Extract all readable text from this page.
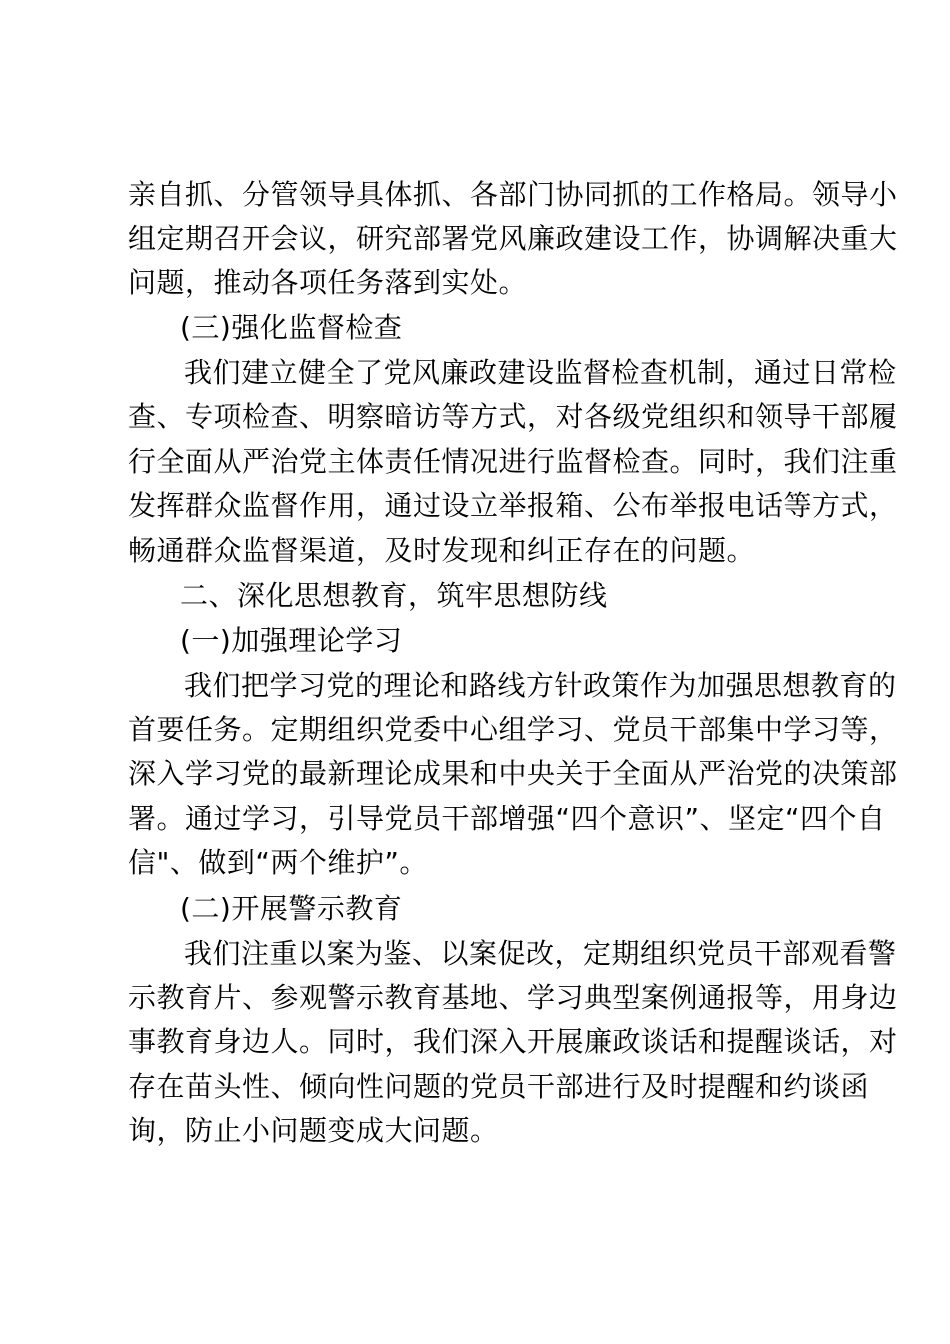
亲自抓、分管领导具体抓、各部门协同抓的工作格局。领导小
组定期召开会议，研究部署党风廉政建设工作，协调解决重大
问题，推动各项任务落到实处。
(三)强化监督检查
我们建立健全了党风廉政建设监督检查机制，通过日常检
查、专项检查、明察暗访等方式，对各级党组织和领导干部履
行全面从严治党主体责任情况进行监督检查。同时，我们注重
发挥群众监督作用，通过设立举报箱、公布举报电话等方式，
畅通群众监督渠道，及时发现和纠正存在的问题。
二、深化思想教育，筑牢思想防线
(一)加强理论学习
我们把学习党的理论和路线方针政策作为加强思想教育的
首要任务。定期组织党委中心组学习、党员干部集中学习等，
深入学习党的最新理论成果和中央关于全面从严治党的决策部
署。通过学习，引导党员干部增强“四个意识”、坚定“四个自
信"、做到“两个维护”。
(二)开展警示教育
我们注重以案为鉴、以案促改，定期组织党员干部观看警
示教育片、参观警示教育基地、学习典型案例通报等，用身边
事教育身边人。同时，我们深入开展廉政谈话和提醒谈话，对
存在苗头性、倾向性问题的党员干部进行及时提醒和约谈函
询，防止小问题变成大问题。
